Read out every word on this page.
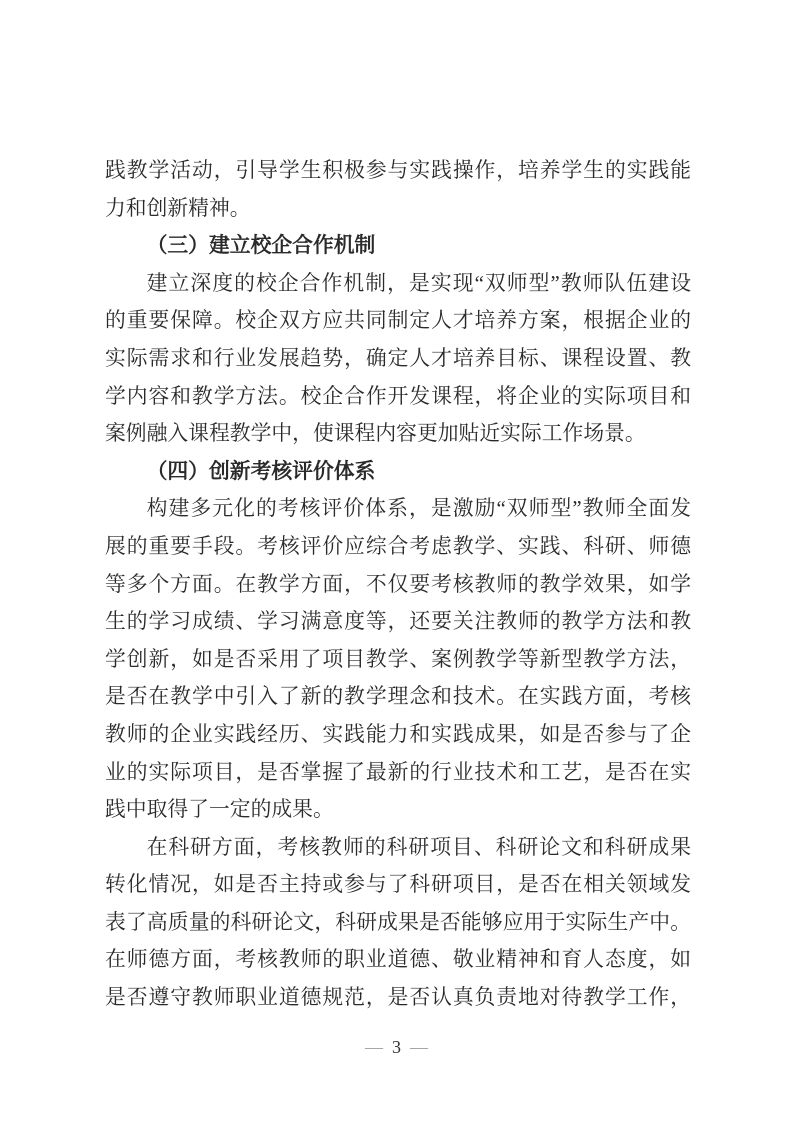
践教学活动，引导学生积极参与实践操作，培养学生的实践能
力和创新精神。
（三）建立校企合作机制
建立深度的校企合作机制，是实现“双师型”教师队伍建设
的重要保障。校企双方应共同制定人才培养方案，根据企业的
实际需求和行业发展趋势，确定人才培养目标、课程设置、教
学内容和教学方法。校企合作开发课程，将企业的实际项目和
案例融入课程教学中，使课程内容更加贴近实际工作场景。
（四）创新考核评价体系
构建多元化的考核评价体系，是激励“双师型”教师全面发
展的重要手段。考核评价应综合考虑教学、实践、科研、师德
等多个方面。在教学方面，不仅要考核教师的教学效果，如学
生的学习成绩、学习满意度等，还要关注教师的教学方法和教
学创新，如是否采用了项目教学、案例教学等新型教学方法，
是否在教学中引入了新的教学理念和技术。在实践方面，考核
教师的企业实践经历、实践能力和实践成果，如是否参与了企
业的实际项目，是否掌握了最新的行业技术和工艺，是否在实
践中取得了一定的成果。
在科研方面，考核教师的科研项目、科研论文和科研成果
转化情况，如是否主持或参与了科研项目，是否在相关领域发
表了高质量的科研论文，科研成果是否能够应用于实际生产中。
在师德方面，考核教师的职业道德、敬业精神和育人态度，如
是否遵守教师职业道德规范，是否认真负责地对待教学工作，
— 3 —
